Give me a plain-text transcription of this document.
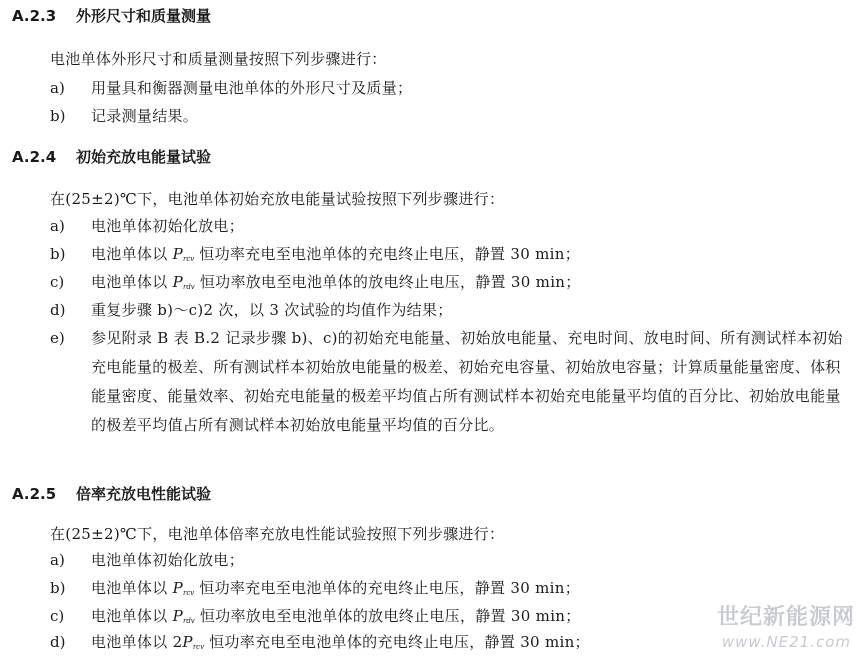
A.2.3 外形尺寸和质量测量
电池单体外形尺寸和质量测量按照下列步骤进行：
a)	用量具和衡器测量电池单体的外形尺寸及质量；
b)	记录测量结果。
A.2.4 初始充放电能量试验
在(25±2)℃下，电池单体初始充放电能量试验按照下列步骤进行：
a)	电池单体初始化放电；
b)	电池单体以 $P_{rcv}$ 恒功率充电至电池单体的充电终止电压，静置 30 min；
c)	电池单体以 $P_{rdv}$ 恒功率放电至电池单体的放电终止电压，静置 30 min；
d)	重复步骤 b)～c)2 次，以 3 次试验的均值作为结果；
e)	参见附录 B 表 B.2 记录步骤 b)、c)的初始充电能量、初始放电能量、充电时间、放电时间、所有测试样本初始充电能量的极差、所有测试样本初始放电能量的极差、初始充电容量、初始放电容量；计算质量能量密度、体积能量密度、能量效率、初始充电能量的极差平均值占所有测试样本初始充电能量平均值的百分比、初始放电能量的极差平均值占所有测试样本初始放电能量平均值的百分比。
A.2.5 倍率充放电性能试验
在(25±2)℃下，电池单体倍率充放电性能试验按照下列步骤进行：
a)	电池单体初始化放电；
b)	电池单体以 $P_{rcv}$ 恒功率充电至电池单体的充电终止电压，静置 30 min；
c)	电池单体以 $P_{rdv}$ 恒功率放电至电池单体的放电终止电压，静置 30 min；
d)	电池单体以 $2P_{rcv}$ 恒功率充电至电池单体的充电终止电压，静置 30 min；
世纪新能源网
www.NE21.com
